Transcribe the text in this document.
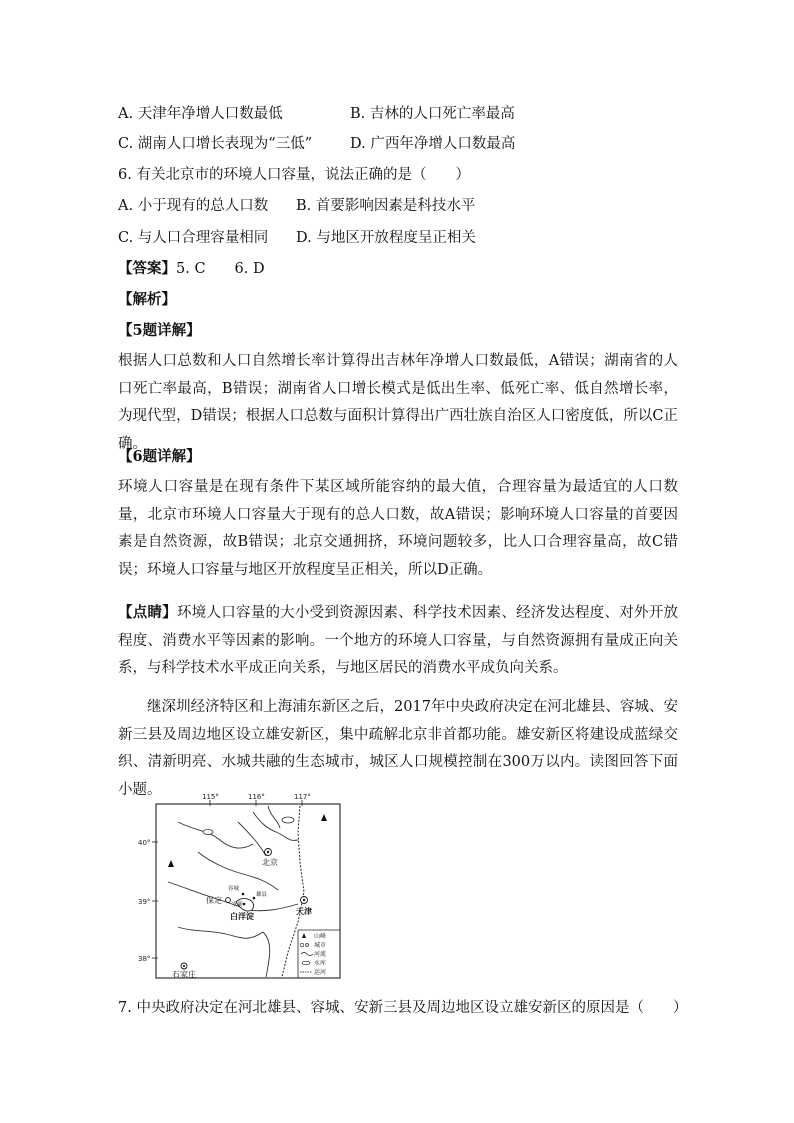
A. 天津年净增人口数最低	B. 吉林的人口死亡率最高
C. 湖南人口增长表现为“三低”	D. 广西年净增人口数最高
6. 有关北京市的环境人口容量，说法正确的是（　　）
A. 小于现有的总人口数 B. 首要影响因素是科技水平
C. 与人口合理容量相同 D. 与地区开放程度呈正相关
【答案】5. C　　6. D
【解析】
【5题详解】
根据人口总数和人口自然增长率计算得出吉林年净增人口数最低，A错误；湖南省的人口死亡率最高，B错误；湖南省人口增长模式是低出生率、低死亡率、低自然增长率，为现代型，D错误；根据人口总数与面积计算得出广西壮族自治区人口密度低，所以C正确。
【6题详解】
环境人口容量是在现有条件下某区域所能容纳的最大值，合理容量为最适宜的人口数量，北京市环境人口容量大于现有的总人口数，故A错误；影响环境人口容量的首要因素是自然资源，故B错误；北京交通拥挤，环境问题较多，比人口合理容量高，故C错误；环境人口容量与地区开放程度呈正相关，所以D正确。
【点睛】环境人口容量的大小受到资源因素、科学技术因素、经济发达程度、对外开放程度、消费水平等因素的影响。一个地方的环境人口容量，与自然资源拥有量成正向关系，与科学技术水平成正向关系，与地区居民的消费水平成负向关系。
继深圳经济特区和上海浦东新区之后，2017年中央政府决定在河北雄县、容城、安新三县及周边地区设立雄安新区，集中疏解北京非首都功能。雄安新区将建设成蓝绿交织、清新明亮、水城共融的生态城市，城区人口规模控制在300万以内。读图回答下面小题。	115°	116°	117°
40°
39°
38°
北京
天津
保定
石家庄
容城
雄县
安新
白洋淀
山峰
城市
河流
水库
运河
7. 中央政府决定在河北雄县、容城、安新三县及周边地区设立雄安新区的原因是（　　）
